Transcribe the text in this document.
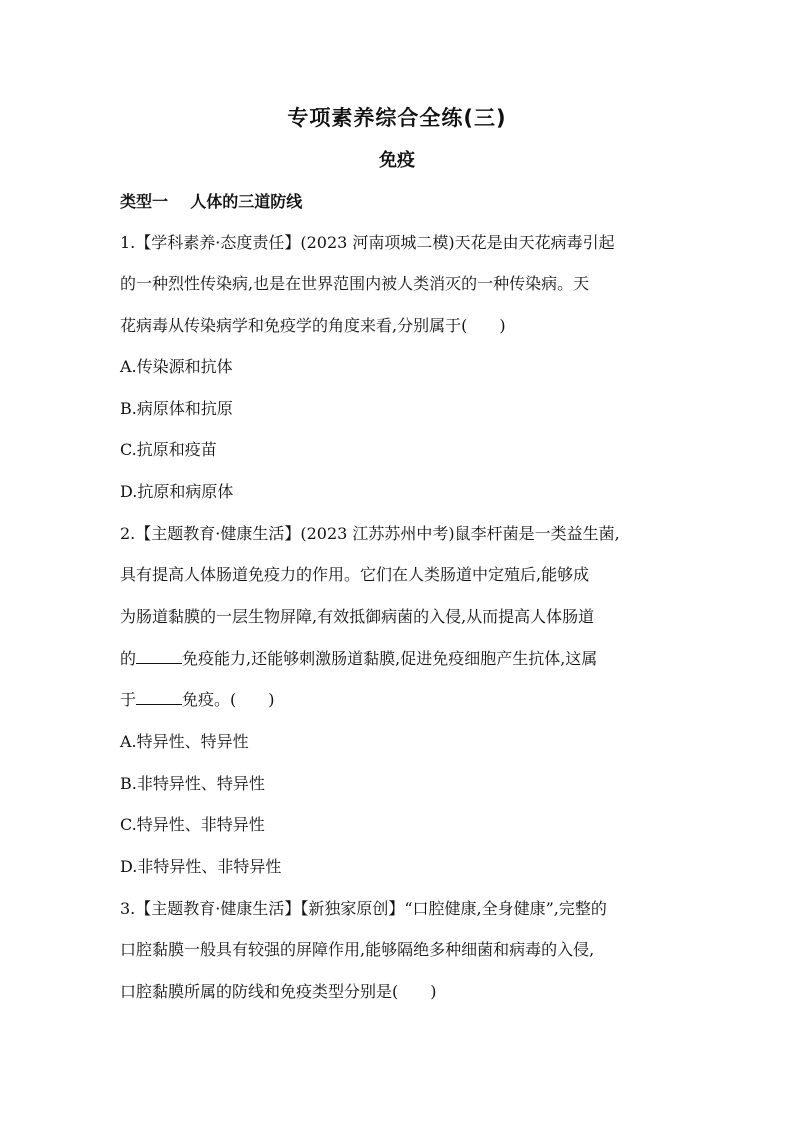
专项素养综合全练(三)
免疫
类型一    人体的三道防线
1.【学科素养·态度责任】(2023 河南项城二模)天花是由天花病毒引起
的一种烈性传染病,也是在世界范围内被人类消灭的一种传染病。天
花病毒从传染病学和免疫学的角度来看,分别属于(　　)
A.传染源和抗体
B.病原体和抗原
C.抗原和疫苗
D.抗原和病原体
2.【主题教育·健康生活】(2023 江苏苏州中考)鼠李杆菌是一类益生菌,
具有提高人体肠道免疫力的作用。它们在人类肠道中定殖后,能够成
为肠道黏膜的一层生物屏障,有效抵御病菌的入侵,从而提高人体肠道
的	免疫能力,还能够刺激肠道黏膜,促进免疫细胞产生抗体,这属
于	免疫。(　　)
A.特异性、特异性
B.非特异性、特异性
C.特异性、非特异性
D.非特异性、非特异性
3.【主题教育·健康生活】【新独家原创】“口腔健康,全身健康”,完整的
口腔黏膜一般具有较强的屏障作用,能够隔绝多种细菌和病毒的入侵,
口腔黏膜所属的防线和免疫类型分别是(　　)
